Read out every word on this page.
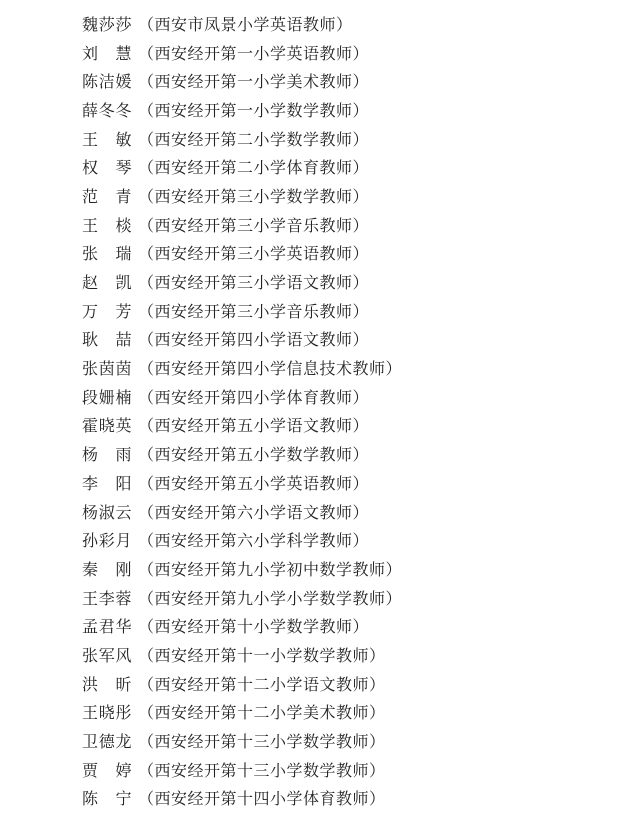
魏莎莎 （西安市凤景小学英语教师）
刘慧 （西安经开第一小学英语教师）
陈洁媛 （西安经开第一小学美术教师）
薛冬冬 （西安经开第一小学数学教师）
王敏 （西安经开第二小学数学教师）
权琴 （西安经开第二小学体育教师）
范青 （西安经开第三小学数学教师）
王棪 （西安经开第三小学音乐教师）
张瑞 （西安经开第三小学英语教师）
赵凯 （西安经开第三小学语文教师）
万芳 （西安经开第三小学音乐教师）
耿喆 （西安经开第四小学语文教师）
张茵茵 （西安经开第四小学信息技术教师）
段姗楠 （西安经开第四小学体育教师）
霍晓英 （西安经开第五小学语文教师）
杨雨 （西安经开第五小学数学教师）
李阳 （西安经开第五小学英语教师）
杨淑云 （西安经开第六小学语文教师）
孙彩月 （西安经开第六小学科学教师）
秦刚 （西安经开第九小学初中数学教师）
王李蓉 （西安经开第九小学小学数学教师）
孟君华 （西安经开第十小学数学教师）
张军风 （西安经开第十一小学数学教师）
洪昕 （西安经开第十二小学语文教师）
王晓彤 （西安经开第十二小学美术教师）
卫德龙 （西安经开第十三小学数学教师）
贾婷 （西安经开第十三小学数学教师）
陈宁 （西安经开第十四小学体育教师）
